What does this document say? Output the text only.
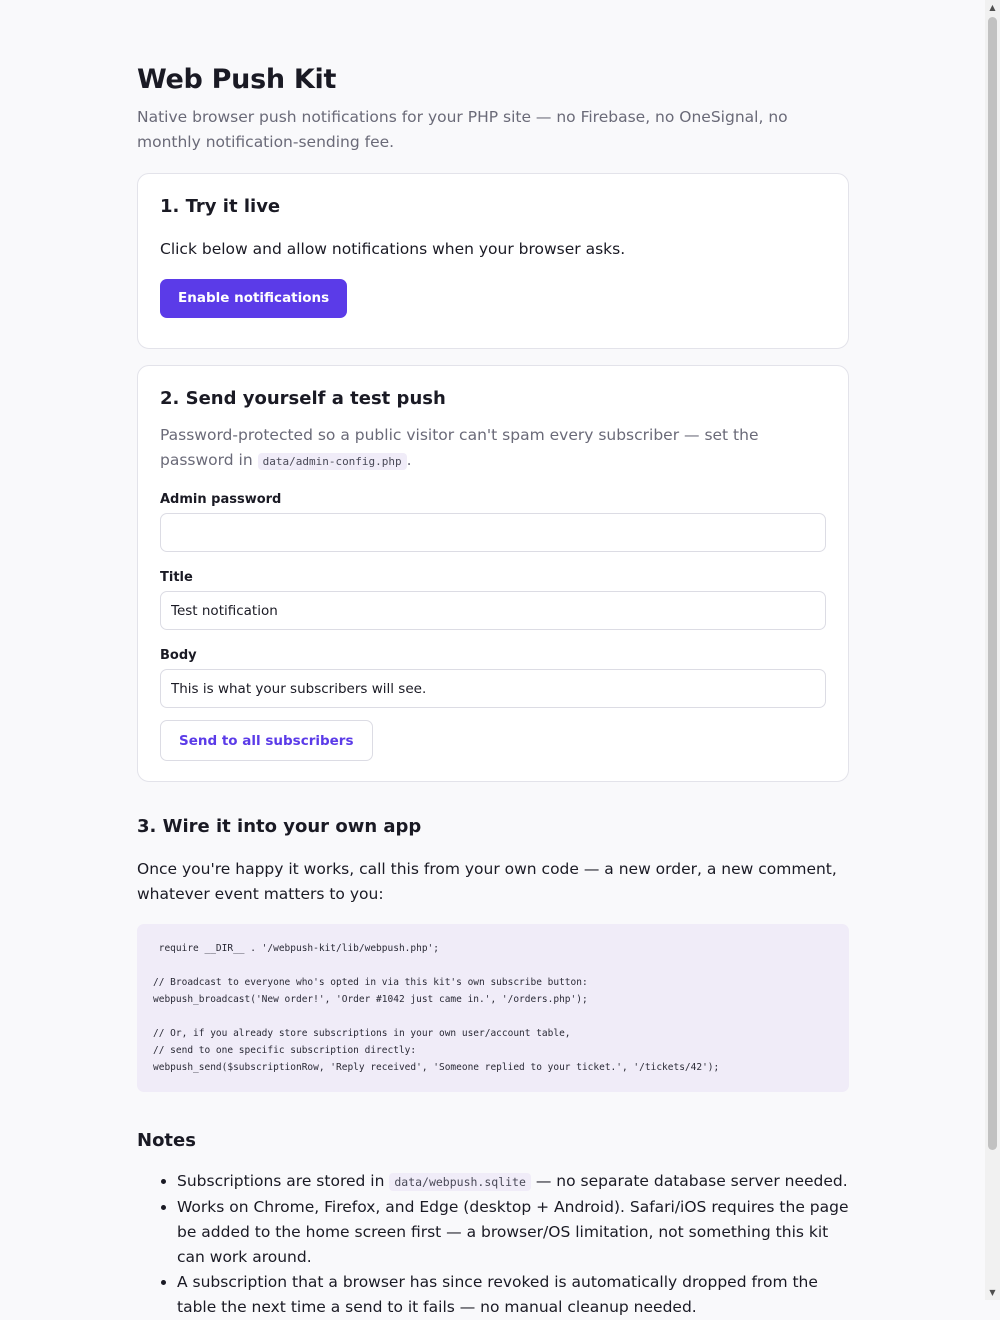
Web Push Kit

Native browser push notifications for your PHP site — no Firebase, no OneSignal, no monthly notification-sending fee.

1. Try it live

Click below and allow notifications when your browser asks.

Enable notifications
2. Send yourself a test push

Password-protected so a public visitor can't spam every subscriber — set the password in data/admin-config.php .

Admin password
Title
Test notification
Body
This is what your subscribers will see. Send to all subscribers
3. Wire it into your own app

Once you're happy it works, call this from your own code — a new order, a new comment, whatever event matters to you:

require __DIR__ . '/webpush-kit/lib/webpush.php';

// Broadcast to everyone who's opted in via this kit's own subscribe button:
webpush_broadcast('New order!', 'Order #1042 just came in.', '/orders.php');

// Or, if you already store subscriptions in your own user/account table,
// send to one specific subscription directly:
webpush_send($subscriptionRow, 'Reply received', 'Someone replied to your ticket.', '/tickets/42');
Notes
• Subscriptions are stored in data/webpush.sqlite — no separate database server needed.
• Works on Chrome, Firefox, and Edge (desktop + Android). Safari/iOS requires the page be added to the home screen first — a browser/OS limitation, not something this kit can work around.
• A subscription that a browser has since revoked is automatically dropped from the table the next time a send to it fails — no manual cleanup needed.
▲
▼
